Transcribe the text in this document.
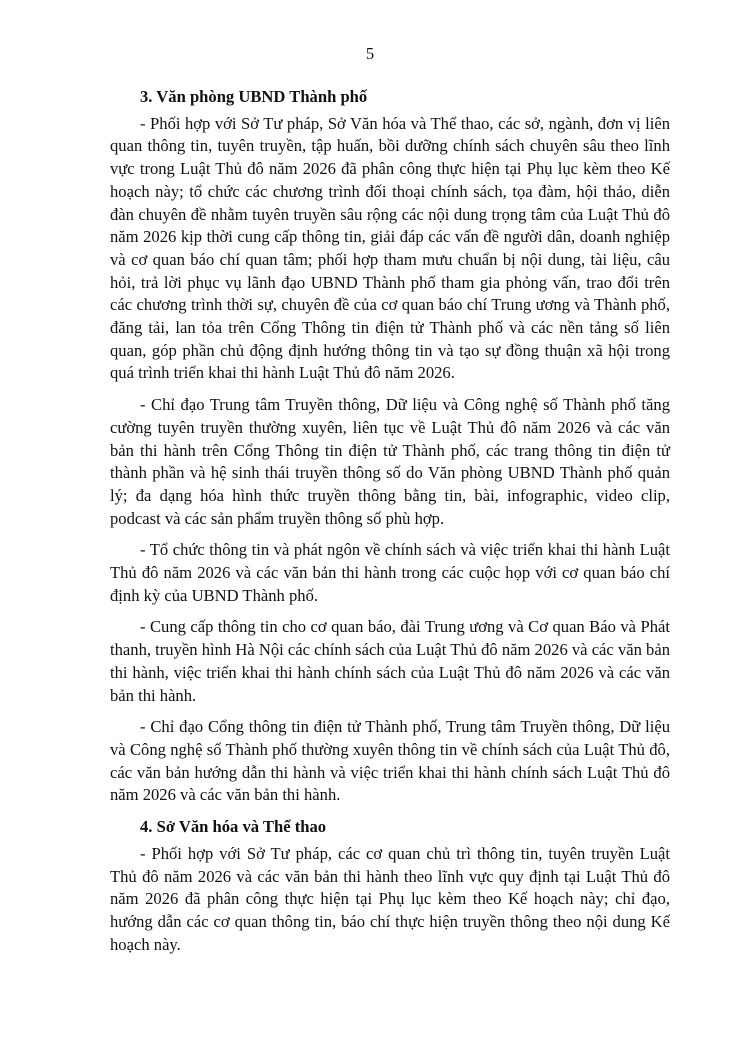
5
3. Văn phòng UBND Thành phố

- Phối hợp với Sở Tư pháp, Sở Văn hóa và Thể thao, các sở, ngành, đơn vị liên quan thông tin, tuyên truyền, tập huấn, bồi dưỡng chính sách chuyên sâu theo lĩnh vực trong Luật Thủ đô năm 2026 đã phân công thực hiện tại Phụ lục kèm theo Kế hoạch này; tổ chức các chương trình đối thoại chính sách, tọa đàm, hội thảo, diễn đàn chuyên đề nhằm tuyên truyền sâu rộng các nội dung trọng tâm của Luật Thủ đô năm 2026 kịp thời cung cấp thông tin, giải đáp các vấn đề người dân, doanh nghiệp và cơ quan báo chí quan tâm; phối hợp tham mưu chuẩn bị nội dung, tài liệu, câu hỏi, trả lời phục vụ lãnh đạo UBND Thành phố tham gia phỏng vấn, trao đổi trên các chương trình thời sự, chuyên đề của cơ quan báo chí Trung ương và Thành phố, đăng tải, lan tỏa trên Cổng Thông tin điện tử Thành phố và các nền tảng số liên quan, góp phần chủ động định hướng thông tin và tạo sự đồng thuận xã hội trong quá trình triển khai thi hành Luật Thủ đô năm 2026.

- Chỉ đạo Trung tâm Truyền thông, Dữ liệu và Công nghệ số Thành phố tăng cường tuyên truyền thường xuyên, liên tục về Luật Thủ đô năm 2026 và các văn bản thi hành trên Cổng Thông tin điện tử Thành phố, các trang thông tin điện tử thành phần và hệ sinh thái truyền thông số do Văn phòng UBND Thành phố quản lý; đa dạng hóa hình thức truyền thông bằng tin, bài, infographic, video clip, podcast và các sản phẩm truyền thông số phù hợp.

- Tổ chức thông tin và phát ngôn về chính sách và việc triển khai thi hành Luật Thủ đô năm 2026 và các văn bản thi hành trong các cuộc họp với cơ quan báo chí định kỳ của UBND Thành phố.

- Cung cấp thông tin cho cơ quan báo, đài Trung ương và Cơ quan Báo và Phát thanh, truyền hình Hà Nội các chính sách của Luật Thủ đô năm 2026 và các văn bản thi hành, việc triển khai thi hành chính sách của Luật Thủ đô năm 2026 và các văn bản thi hành.

- Chỉ đạo Cổng thông tin điện tử Thành phố, Trung tâm Truyền thông, Dữ liệu và Công nghệ số Thành phố thường xuyên thông tin về chính sách của Luật Thủ đô, các văn bản hướng dẫn thi hành và việc triển khai thi hành chính sách Luật Thủ đô năm 2026 và các văn bản thi hành.

4. Sở Văn hóa và Thể thao

- Phối hợp với Sở Tư pháp, các cơ quan chủ trì thông tin, tuyên truyền Luật Thủ đô năm 2026 và các văn bản thi hành theo lĩnh vực quy định tại Luật Thủ đô năm 2026 đã phân công thực hiện tại Phụ lục kèm theo Kế hoạch này; chỉ đạo, hướng dẫn các cơ quan thông tin, báo chí thực hiện truyền thông theo nội dung Kế hoạch này.
